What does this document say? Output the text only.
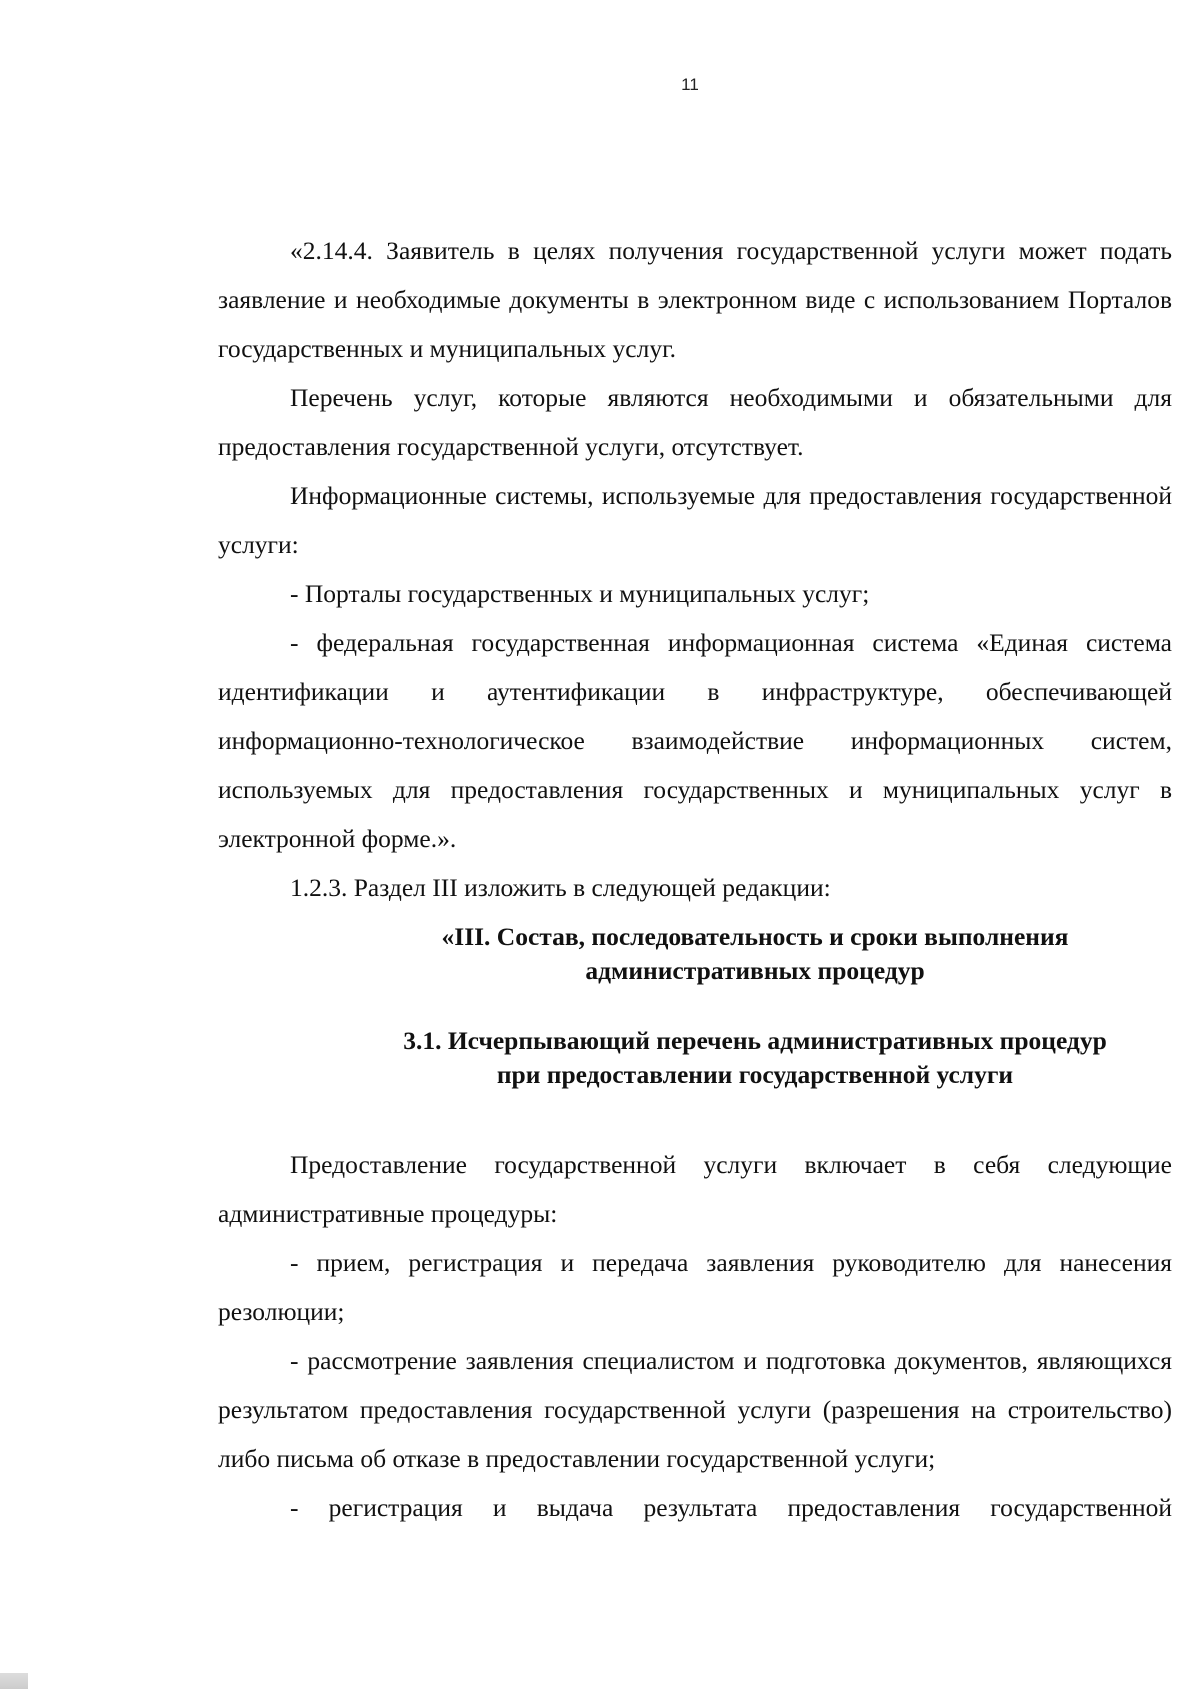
11

«2.14.4. Заявитель в целях получения государственной услуги может подать заявление и необходимые документы в электронном виде с использованием Порталов государственных и муниципальных услуг.

Перечень услуг, которые являются необходимыми и обязательными для предоставления государственной услуги, отсутствует.

Информационные системы, используемые для предоставления государственной услуги:

- Порталы государственных и муниципальных услуг;

- федеральная государственная информационная система «Единая система идентификации и аутентификации в инфраструктуре, обеспечивающей информационно-технологическое взаимодействие информационных систем, используемых для предоставления государственных и муниципальных услуг в электронной форме.».

1.2.3. Раздел III изложить в следующей редакции:

«III. Состав, последовательность и сроки выполнения
административных процедур
3.1. Исчерпывающий перечень административных процедур
при предоставлении государственной услуги

Предоставление государственной услуги включает в себя следующие административные процедуры:

- прием, регистрация и передача заявления руководителю для нанесения резолюции;

- рассмотрение заявления специалистом и подготовка документов, являющихся результатом предоставления государственной услуги (разрешения на строительство) либо письма об отказе в предоставлении государственной услуги;

- регистрация и выдача результата предоставления государственной
